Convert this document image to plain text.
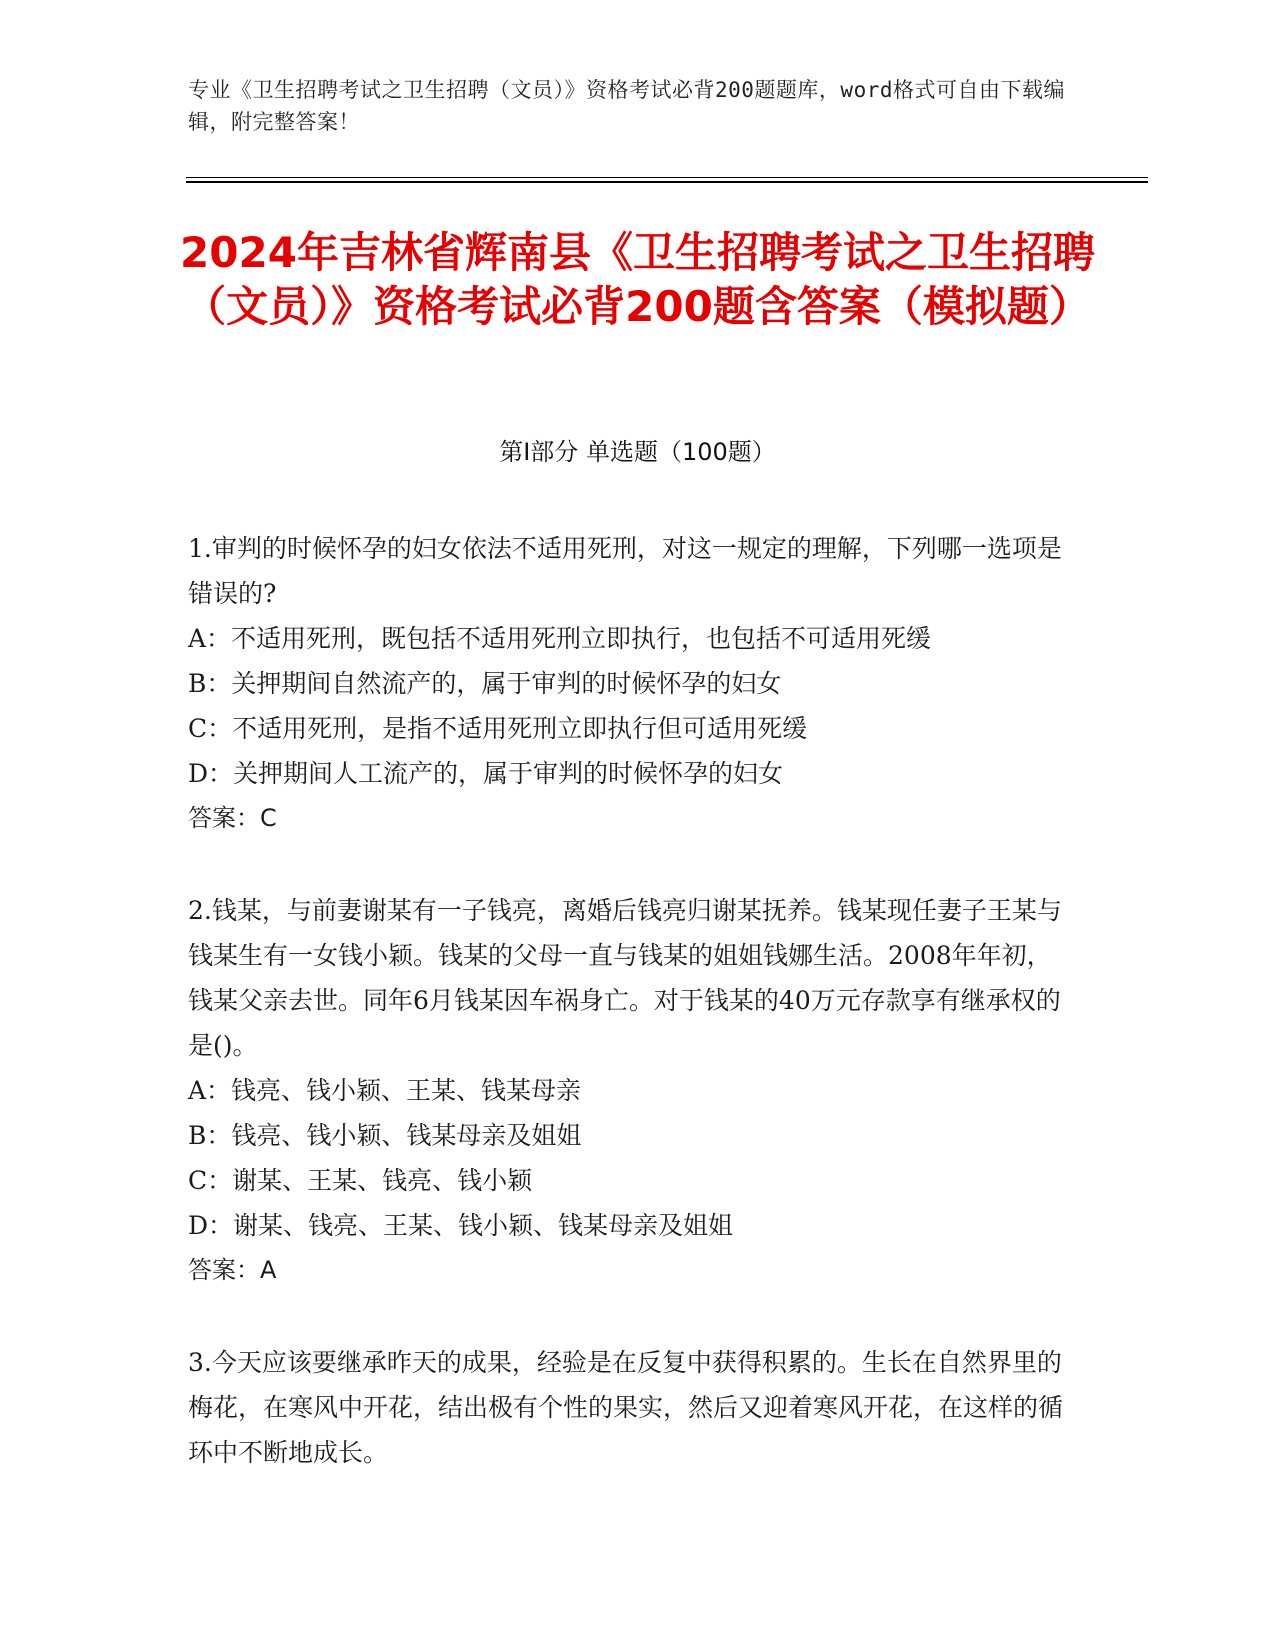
专业《卫生招聘考试之卫生招聘（文员）》资格考试必背200题题库，word格式可自由下载编辑，附完整答案！
2024年吉林省辉南县《卫生招聘考试之卫生招聘（文员）》资格考试必背200题含答案（模拟题）
第I部分 单选题（100题）

1.审判的时候怀孕的妇女依法不适用死刑，对这一规定的理解，下列哪一选项是错误的?

A：不适用死刑，既包括不适用死刑立即执行，也包括不可适用死缓
B：关押期间自然流产的，属于审判的时候怀孕的妇女
C：不适用死刑，是指不适用死刑立即执行但可适用死缓
D：关押期间人工流产的，属于审判的时候怀孕的妇女

答案：C

2.钱某，与前妻谢某有一子钱亮，离婚后钱亮归谢某抚养。钱某现任妻子王某与钱某生有一女钱小颖。钱某的父母一直与钱某的姐姐钱娜生活。2008年年初，钱某父亲去世。同年6月钱某因车祸身亡。对于钱某的40万元存款享有继承权的是()。

A：钱亮、钱小颖、王某、钱某母亲
B：钱亮、钱小颖、钱某母亲及姐姐
C：谢某、王某、钱亮、钱小颖
D：谢某、钱亮、王某、钱小颖、钱某母亲及姐姐

答案：A

3.今天应该要继承昨天的成果，经验是在反复中获得积累的。生长在自然界里的梅花，在寒风中开花，结出极有个性的果实，然后又迎着寒风开花，在这样的循环中不断地成长。
